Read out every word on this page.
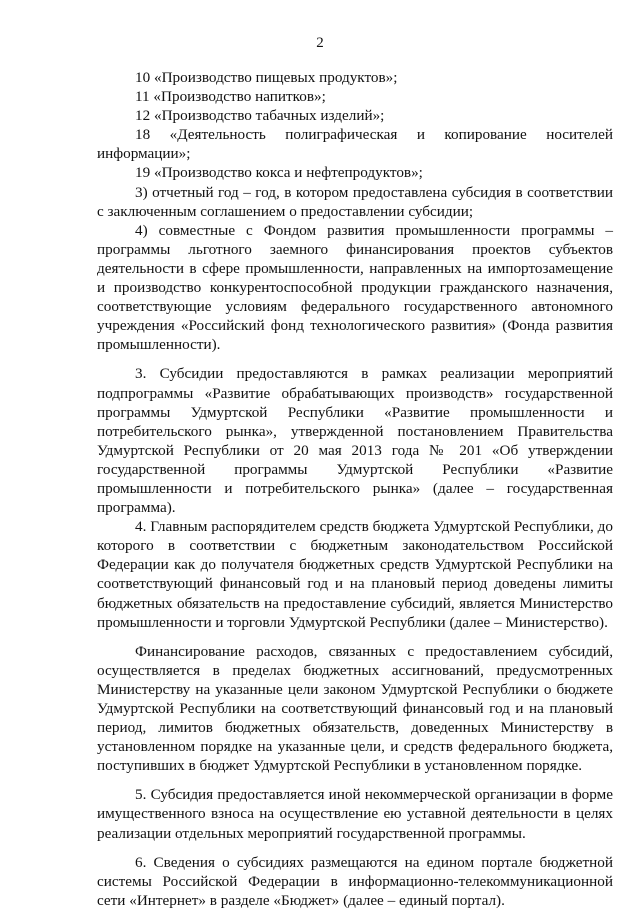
2

10 «Производство пищевых продуктов»;

11 «Производство напитков»;

12 «Производство табачных изделий»;

18 «Деятельность полиграфическая и копирование носителей информации»;

19 «Производство кокса и нефтепродуктов»;

3) отчетный год – год, в котором предоставлена субсидия в соответствии с заключенным соглашением о предоставлении субсидии;

4) совместные с Фондом развития промышленности программы – программы льготного заемного финансирования проектов субъектов деятельности в сфере промышленности, направленных на импортозамещение и производство конкурентоспособной продукции гражданского назначения, соответствующие условиям федерального государственного автономного учреждения «Российский фонд технологического развития» (Фонда развития промышленности).

3. Субсидии предоставляются в рамках реализации мероприятий подпрограммы «Развитие обрабатывающих производств» государственной программы Удмуртской Республики «Развитие промышленности и потребительского рынка», утвержденной постановлением Правительства Удмуртской Республики от 20 мая 2013 года № 201 «Об утверждении государственной программы Удмуртской Республики «Развитие промышленности и потребительского рынка» (далее – государственная программа).

4. Главным распорядителем средств бюджета Удмуртской Республики, до которого в соответствии с бюджетным законодательством Российской Федерации как до получателя бюджетных средств Удмуртской Республики на соответствующий финансовый год и на плановый период доведены лимиты бюджетных обязательств на предоставление субсидий, является Министерство промышленности и торговли Удмуртской Республики (далее – Министерство).

Финансирование расходов, связанных с предоставлением субсидий, осуществляется в пределах бюджетных ассигнований, предусмотренных Министерству на указанные цели законом Удмуртской Республики о бюджете Удмуртской Республики на соответствующий финансовый год и на плановый период, лимитов бюджетных обязательств, доведенных Министерству в установленном порядке на указанные цели, и средств федерального бюджета, поступивших в бюджет Удмуртской Республики в установленном порядке.

5. Субсидия предоставляется иной некоммерческой организации в форме имущественного взноса на осуществление ею уставной деятельности в целях реализации отдельных мероприятий государственной программы.

6. Сведения о субсидиях размещаются на едином портале бюджетной системы Российской Федерации в информационно-телекоммуникационной сети «Интернет» в разделе «Бюджет» (далее – единый портал).
